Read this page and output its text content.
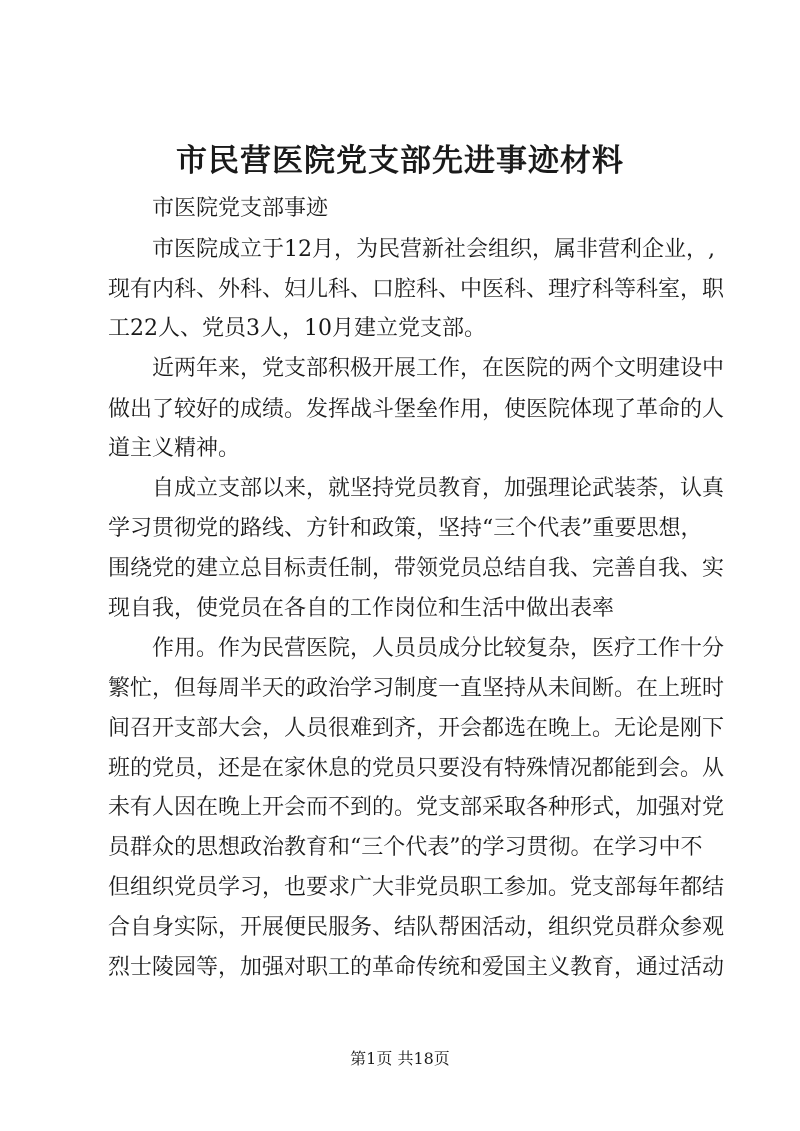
市民营医院党支部先进事迹材料
市医院党支部事迹
市医院成立于12月，为民营新社会组织，属非营利企业，,
现有内科、外科、妇儿科、口腔科、中医科、理疗科等科室，职
工22人、党员3人，10月建立党支部。
近两年来，党支部积极开展工作，在医院的两个文明建设中
做出了较好的成绩。发挥战斗堡垒作用，使医院体现了革命的人
道主义精神。
自成立支部以来，就坚持党员教育，加强理论武装荼，认真
学习贯彻党的路线、方针和政策，坚持“三个代表”重要思想，
围绕党的建立总目标责任制，带领党员总结自我、完善自我、实
现自我，使党员在各自的工作岗位和生活中做出表率
作用。作为民营医院，人员员成分比较复杂，医疗工作十分
繁忙，但每周半天的政治学习制度一直坚持从未间断。在上班时
间召开支部大会，人员很难到齐，开会都选在晚上。无论是刚下
班的党员，还是在家休息的党员只要没有特殊情况都能到会。从
未有人因在晚上开会而不到的。党支部采取各种形式，加强对党
员群众的思想政治教育和“三个代表”的学习贯彻。在学习中不
但组织党员学习，也要求广大非党员职工参加。党支部每年都结
合自身实际，开展便民服务、结队帮困活动，组织党员群众参观
烈士陵园等，加强对职工的革命传统和爱国主义教育，通过活动
第1页 共18页
